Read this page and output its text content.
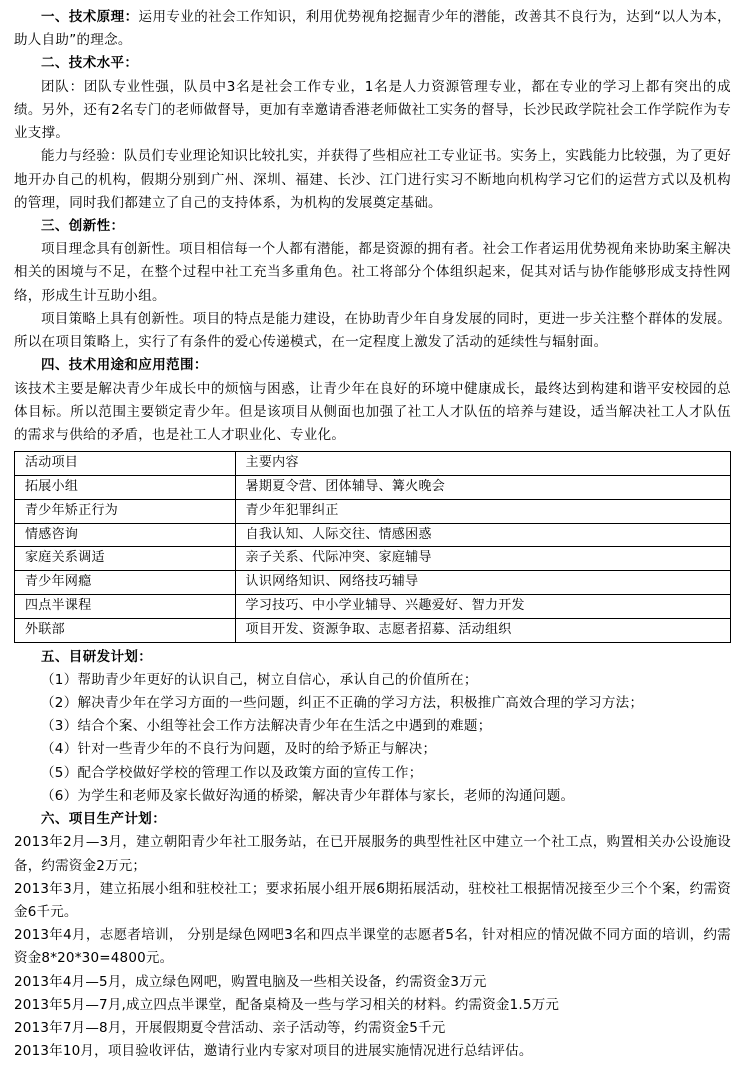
一、技术原理：运用专业的社会工作知识，利用优势视角挖掘青少年的潜能，改善其不良行为，达到“以人为本，助人自助”的理念。

二、技术水平：

团队：团队专业性强，队员中3名是社会工作专业，1名是人力资源管理专业，都在专业的学习上都有突出的成绩。另外，还有2名专门的老师做督导，更加有幸邀请香港老师做社工实务的督导，长沙民政学院社会工作学院作为专业支撑。

能力与经验：队员们专业理论知识比较扎实，并获得了些相应社工专业证书。实务上，实践能力比较强，为了更好地开办自己的机构，假期分别到广州、深圳、福建、长沙、江门进行实习不断地向机构学习它们的运营方式以及机构的管理，同时我们都建立了自己的支持体系，为机构的发展奠定基础。

三、创新性：

项目理念具有创新性。项目相信每一个人都有潜能，都是资源的拥有者。社会工作者运用优势视角来协助案主解决相关的困境与不足，在整个过程中社工充当多重角色。社工将部分个体组织起来，促其对话与协作能够形成支持性网络，形成生计互助小组。

项目策略上具有创新性。项目的特点是能力建设，在协助青少年自身发展的同时，更进一步关注整个群体的发展。所以在项目策略上，实行了有条件的爱心传递模式，在一定程度上激发了活动的延续性与辐射面。

四、技术用途和应用范围：

该技术主要是解决青少年成长中的烦恼与困惑，让青少年在良好的环境中健康成长，最终达到构建和谐平安校园的总体目标。所以范围主要锁定青少年。但是该项目从侧面也加强了社工人才队伍的培养与建设，适当解决社工人才队伍的需求与供给的矛盾，也是社工人才职业化、专业化。

活动项目	主要内容
拓展小组	暑期夏令营、团体辅导、篝火晚会
青少年矫正行为	青少年犯罪纠正
情感咨询	自我认知、人际交往、情感困惑
家庭关系调适	亲子关系、代际冲突、家庭辅导
青少年网瘾	认识网络知识、网络技巧辅导
四点半课程	学习技巧、中小学业辅导、兴趣爱好、智力开发
外联部	项目开发、资源争取、志愿者招募、活动组织

五、目研发计划：

（1）帮助青少年更好的认识自己，树立自信心，承认自己的价值所在；

（2）解决青少年在学习方面的一些问题，纠正不正确的学习方法，积极推广高效合理的学习方法；

（3）结合个案、小组等社会工作方法解决青少年在生活之中遇到的难题；

（4）针对一些青少年的不良行为问题，及时的给予矫正与解决；

（5）配合学校做好学校的管理工作以及政策方面的宣传工作；

（6）为学生和老师及家长做好沟通的桥梁，解决青少年群体与家长，老师的沟通问题。

六、项目生产计划：

2013年2月—3月，建立朝阳青少年社工服务站，在已开展服务的典型性社区中建立一个社工点，购置相关办公设施设备，约需资金2万元；

2013年3月，建立拓展小组和驻校社工；要求拓展小组开展6期拓展活动，驻校社工根据情况接至少三个个案，约需资金6千元。

2013年4月，志愿者培训， 分别是绿色网吧3名和四点半课堂的志愿者5名，针对相应的情况做不同方面的培训，约需资金8*20*30=4800元。

2013年4月—5月，成立绿色网吧，购置电脑及一些相关设备，约需资金3万元

2013年5月—7月,成立四点半课堂，配备桌椅及一些与学习相关的材料。约需资金1.5万元

2013年7月—8月，开展假期夏令营活动、亲子活动等，约需资金5千元

2013年10月，项目验收评估，邀请行业内专家对项目的进展实施情况进行总结评估。
